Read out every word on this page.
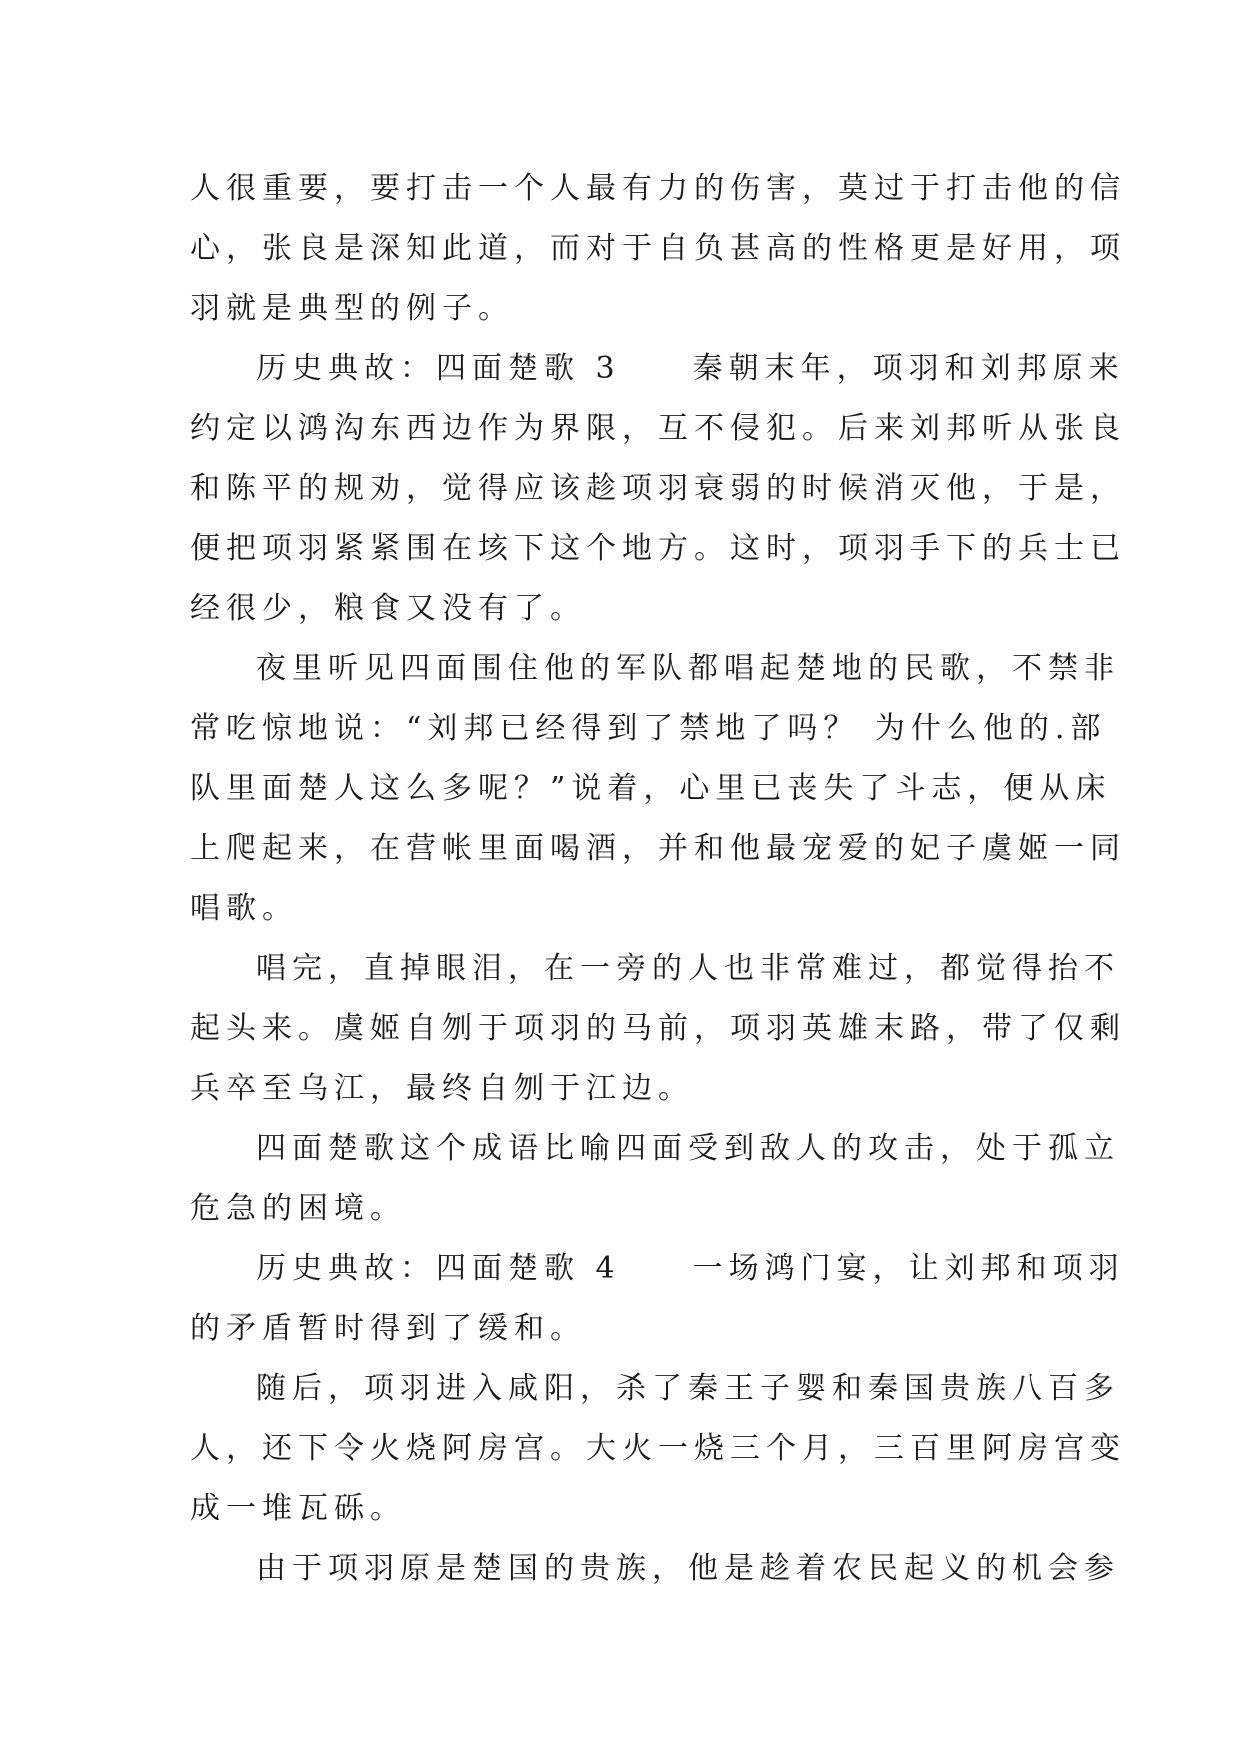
人很重要，要打击一个人最有力的伤害，莫过于打击他的信
心，张良是深知此道，而对于自负甚高的性格更是好用，项
羽就是典型的例子。
历史典故：四面楚歌 3　　秦朝末年，项羽和刘邦原来
约定以鸿沟东西边作为界限，互不侵犯。后来刘邦听从张良
和陈平的规劝，觉得应该趁项羽衰弱的时候消灭他，于是，
便把项羽紧紧围在垓下这个地方。这时，项羽手下的兵士已
经很少，粮食又没有了。
夜里听见四面围住他的军队都唱起楚地的民歌，不禁非
常吃惊地说：“刘邦已经得到了禁地了吗？ 为什么他的.部
队里面楚人这么多呢？”说着，心里已丧失了斗志，便从床
上爬起来，在营帐里面喝酒，并和他最宠爱的妃子虞姬一同
唱歌。
唱完，直掉眼泪，在一旁的人也非常难过，都觉得抬不
起头来。虞姬自刎于项羽的马前，项羽英雄末路，带了仅剩
兵卒至乌江，最终自刎于江边。
四面楚歌这个成语比喻四面受到敌人的攻击，处于孤立
危急的困境。
历史典故：四面楚歌 4　　一场鸿门宴，让刘邦和项羽
的矛盾暂时得到了缓和。
随后，项羽进入咸阳，杀了秦王子婴和秦国贵族八百多
人，还下令火烧阿房宫。大火一烧三个月，三百里阿房宫变
成一堆瓦砾。
由于项羽原是楚国的贵族，他是趁着农民起义的机会参
